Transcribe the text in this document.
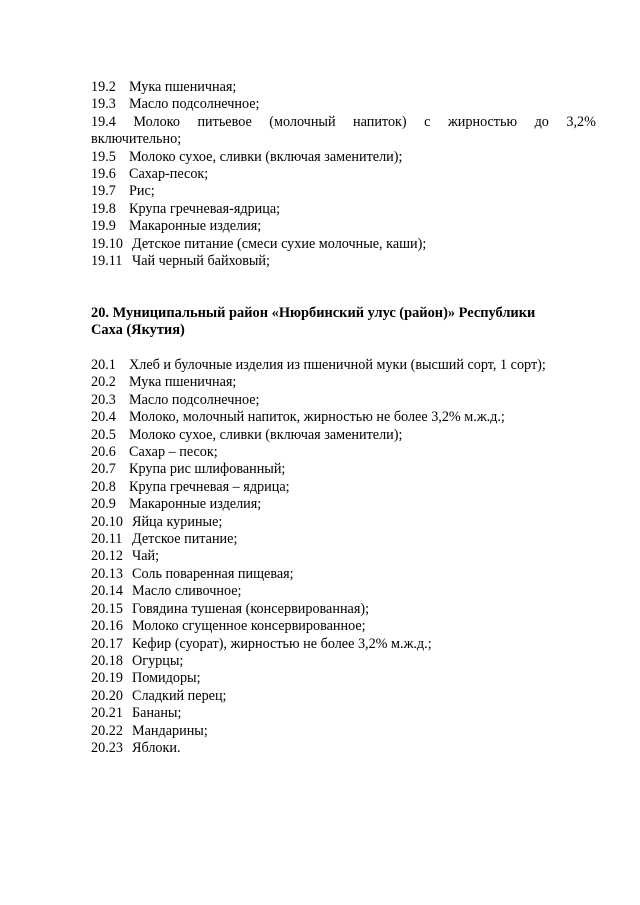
19.2 Мука пшеничная;
19.3 Масло подсолнечное;
19.4 Молоко питьевое (молочный напиток) с жирностью до 3,2%
включительно;
19.5 Молоко сухое, сливки (включая заменители);
19.6 Сахар-песок;
19.7 Рис;
19.8 Крупа гречневая-ядрица;
19.9 Макаронные изделия;
19.10 Детское питание (смеси сухие молочные, каши);
19.11 Чай черный байховый;
20. Муниципальный район «Нюрбинский улус (район)» Республики
Саха (Якутия)
20.1 Хлеб и булочные изделия из пшеничной муки (высший сорт, 1 сорт);
20.2 Мука пшеничная;
20.3 Масло подсолнечное;
20.4 Молоко, молочный напиток, жирностью не более 3,2% м.ж.д.;
20.5 Молоко сухое, сливки (включая заменители);
20.6 Сахар – песок;
20.7 Крупа рис шлифованный;
20.8 Крупа гречневая – ядрица;
20.9 Макаронные изделия;
20.10 Яйца куриные;
20.11 Детское питание;
20.12 Чай;
20.13 Соль поваренная пищевая;
20.14 Масло сливочное;
20.15 Говядина тушеная (консервированная);
20.16 Молоко сгущенное консервированное;
20.17 Кефир (суорат), жирностью не более 3,2% м.ж.д.;
20.18 Огурцы;
20.19 Помидоры;
20.20 Сладкий перец;
20.21 Бананы;
20.22 Мандарины;
20.23 Яблоки.
